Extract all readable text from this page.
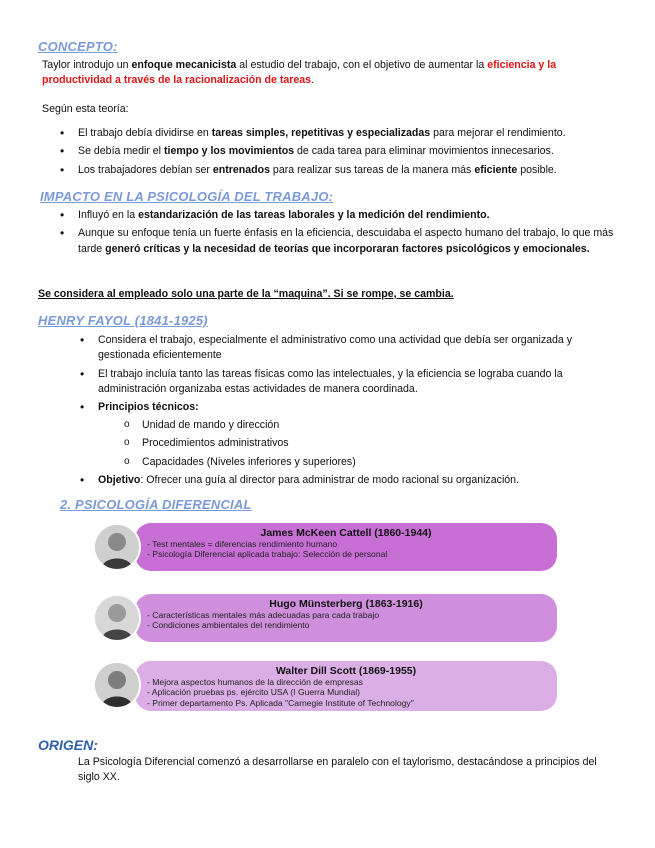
CONCEPTO:

Taylor introdujo un enfoque mecanicista al estudio del trabajo, con el objetivo de aumentar la eficiencia y la productividad a través de la racionalización de tareas.

Según esta teoría:

• El trabajo debía dividirse en tareas simples, repetitivas y especializadas para mejorar el rendimiento.
• Se debía medir el tiempo y los movimientos de cada tarea para eliminar movimientos innecesarios.
• Los trabajadores debían ser entrenados para realizar sus tareas de la manera más eficiente posible.
IMPACTO EN LA PSICOLOGÍA DEL TRABAJO:
• Influyó en la estandarización de las tareas laborales y la medición del rendimiento.
• Aunque su enfoque tenía un fuerte énfasis en la eficiencia, descuidaba el aspecto humano del trabajo, lo que más tarde generó críticas y la necesidad de teorías que incorporaran factores psicológicos y emocionales.

Se considera al empleado solo una parte de la “maquina”. Si se rompe, se cambia.

HENRY FAYOL (1841-1925)
• Considera el trabajo, especialmente el administrativo como una actividad que debía ser organizada y gestionada eficientemente
• El trabajo incluía tanto las tareas físicas como las intelectuales, y la eficiencia se lograba cuando la administración organizaba estas actividades de manera coordinada.
• Principios técnicos:
o Unidad de mando y dirección
o Procedimientos administrativos
o Capacidades (Niveles inferiores y superiores)
• Objetivo: Ofrecer una guía al director para administrar de modo racional su organización.
2. PSICOLOGÍA DIFERENCIAL
James McKeen Cattell (1860-1944)
- Test mentales = diferencias rendimiento humano
- Psicología Diferencial aplicada trabajo: Selección de personal
Hugo Münsterberg (1863-1916)
- Características mentales más adecuadas para cada trabajo
- Condiciones ambientales del rendimiento
Walter Dill Scott (1869-1955)
- Mejora aspectos humanos de la dirección de empresas
- Aplicación pruebas ps. ejército USA (I Guerra Mundial)
- Primer departamento Ps. Aplicada "Carnegie Institute of Technology"
ORIGEN:

La Psicología Diferencial comenzó a desarrollarse en paralelo con el taylorismo, destacándose a principios del siglo XX.
